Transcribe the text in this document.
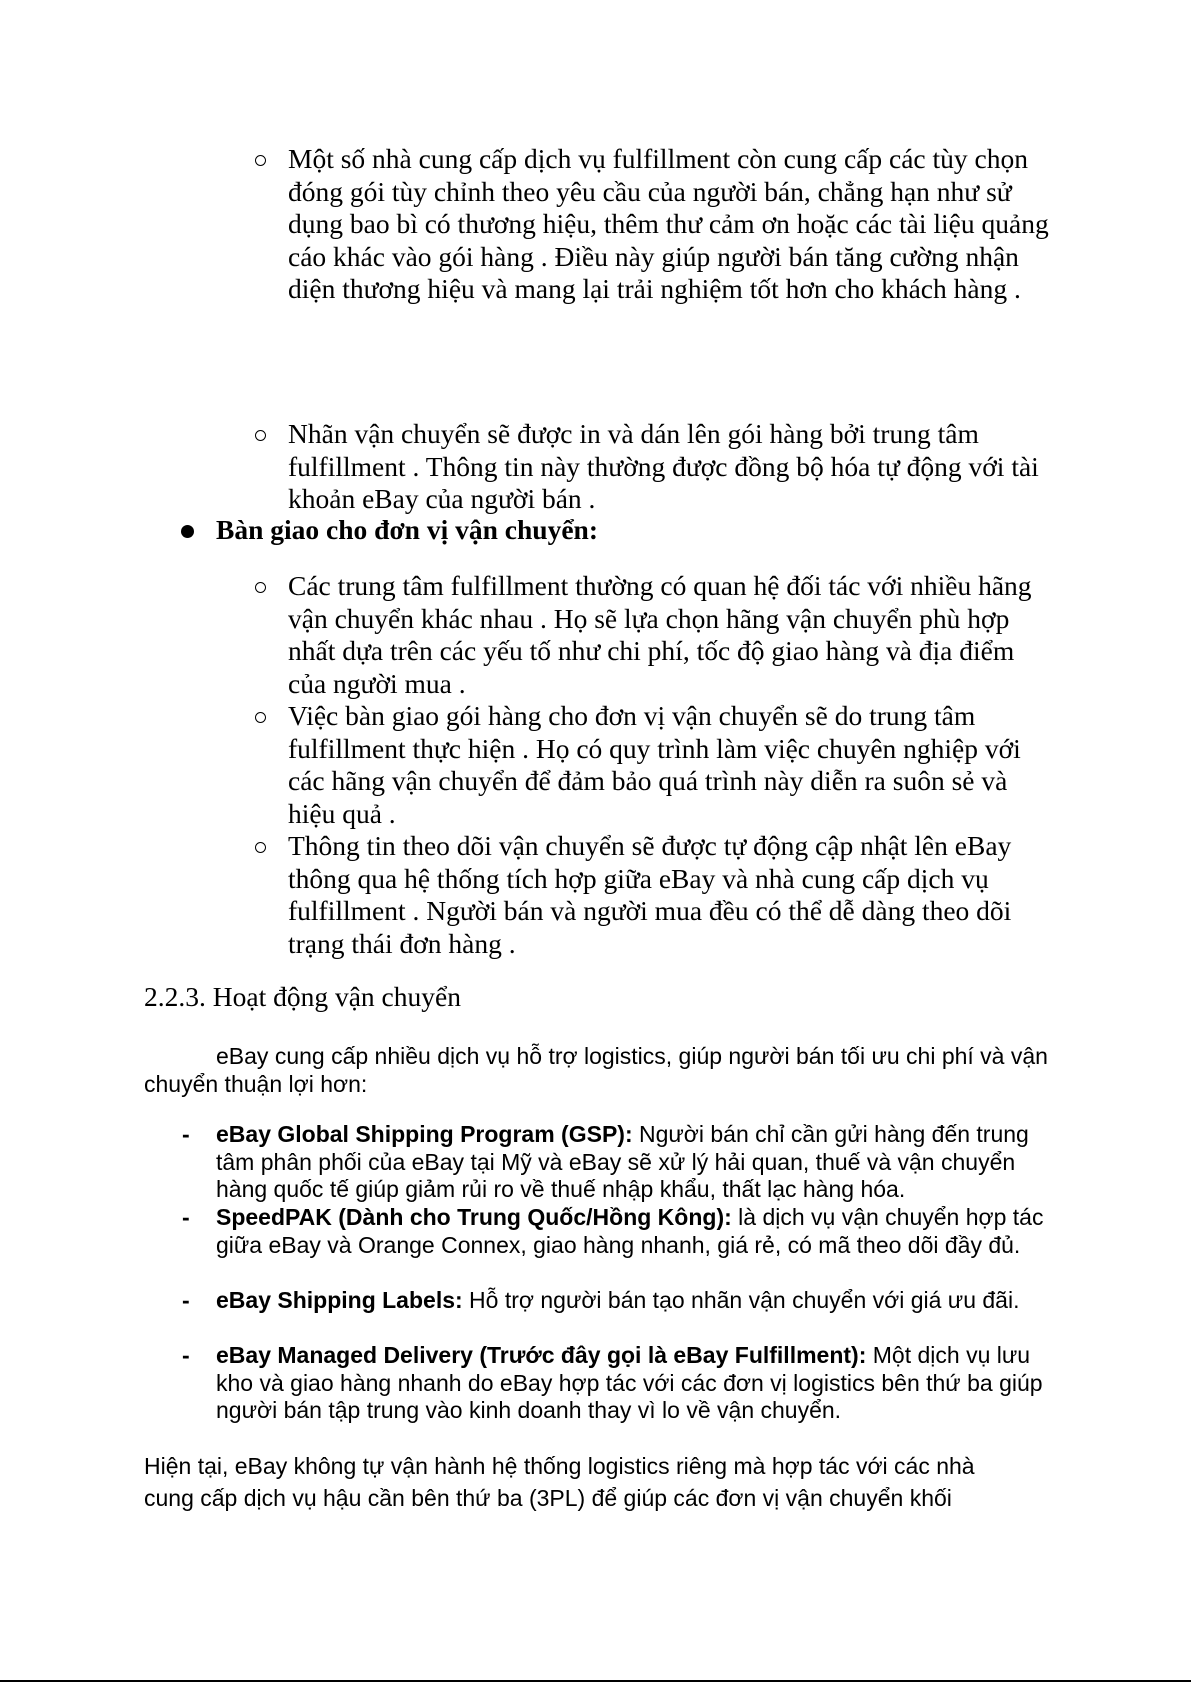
Một số nhà cung cấp dịch vụ fulfillment còn cung cấp các tùy chọn đóng gói tùy chỉnh theo yêu cầu của người bán, chẳng hạn như sử dụng bao bì có thương hiệu, thêm thư cảm ơn hoặc các tài liệu quảng cáo khác vào gói hàng . Điều này giúp người bán tăng cường nhận diện thương hiệu và mang lại trải nghiệm tốt hơn cho khách hàng .

Nhãn vận chuyển sẽ được in và dán lên gói hàng bởi trung tâm fulfillment . Thông tin này thường được đồng bộ hóa tự động với tài khoản eBay của người bán .

Bàn giao cho đơn vị vận chuyển:

Các trung tâm fulfillment thường có quan hệ đối tác với nhiều hãng vận chuyển khác nhau . Họ sẽ lựa chọn hãng vận chuyển phù hợp nhất dựa trên các yếu tố như chi phí, tốc độ giao hàng và địa điểm của người mua .

Việc bàn giao gói hàng cho đơn vị vận chuyển sẽ do trung tâm fulfillment thực hiện . Họ có quy trình làm việc chuyên nghiệp với các hãng vận chuyển để đảm bảo quá trình này diễn ra suôn sẻ và hiệu quả .

Thông tin theo dõi vận chuyển sẽ được tự động cập nhật lên eBay thông qua hệ thống tích hợp giữa eBay và nhà cung cấp dịch vụ fulfillment . Người bán và người mua đều có thể dễ dàng theo dõi trạng thái đơn hàng .

2.2.3. Hoạt động vận chuyển

eBay cung cấp nhiều dịch vụ hỗ trợ logistics, giúp người bán tối ưu chi phí và vận chuyển thuận lợi hơn:

- eBay Global Shipping Program (GSP): Người bán chỉ cần gửi hàng đến trung tâm phân phối của eBay tại Mỹ và eBay sẽ xử lý hải quan, thuế và vận chuyển hàng quốc tế giúp giảm rủi ro về thuế nhập khẩu, thất lạc hàng hóa.

- SpeedPAK (Dành cho Trung Quốc/Hồng Kông): là dịch vụ vận chuyển hợp tác giữa eBay và Orange Connex, giao hàng nhanh, giá rẻ, có mã theo dõi đầy đủ.

- eBay Shipping Labels: Hỗ trợ người bán tạo nhãn vận chuyển với giá ưu đãi.

- eBay Managed Delivery (Trước đây gọi là eBay Fulfillment): Một dịch vụ lưu kho và giao hàng nhanh do eBay hợp tác với các đơn vị logistics bên thứ ba giúp người bán tập trung vào kinh doanh thay vì lo về vận chuyển.

Hiện tại, eBay không tự vận hành hệ thống logistics riêng mà hợp tác với các nhà cung cấp dịch vụ hậu cần bên thứ ba (3PL) để giúp các đơn vị vận chuyển khối
